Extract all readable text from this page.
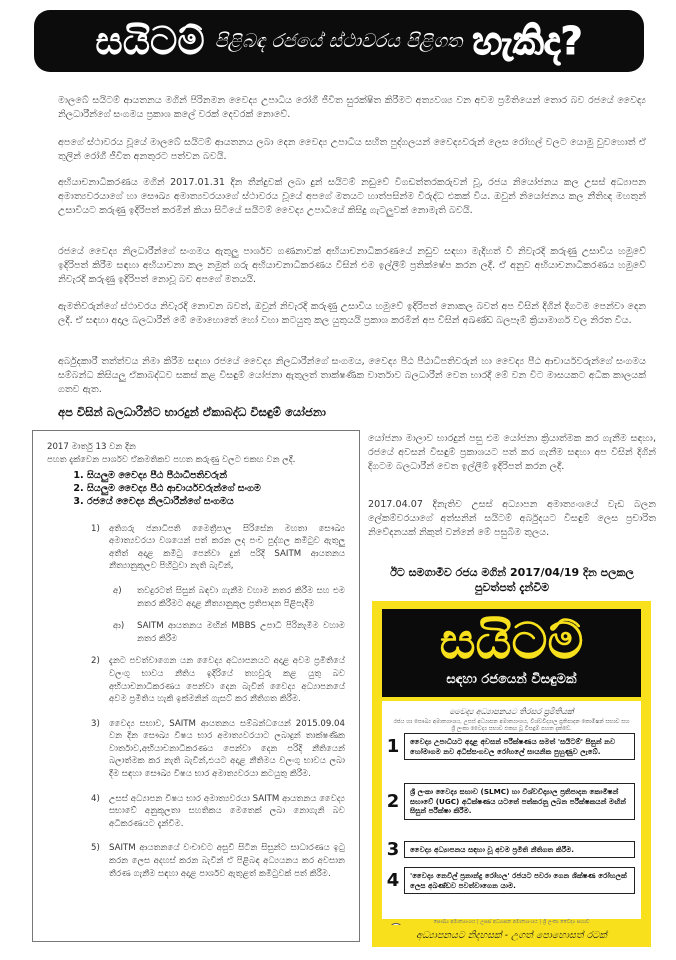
සයිටම් පිළිබඳ රජයේ ස්ථාවරය පිළිගත හැකිද?
මාලබේ සයිටම් ආයතනය මගින් පිරිනමන වෛද්‍ය උපාධිය රෝගී ජීවිත සුරක්ෂිත කිරීමට අත්‍යවශ්‍ය වන අවම ප්‍රමිතියෙන් තොර බව රජයේ වෛද්‍ය නිලධාරීන්ගේ සංගමය ප්‍රකාශ කලේ වරක් දෙවරක් නොවේ.
අපගේ ස්ථාවරය වූයේ මාලබේ සයිටම් ආයතනය ලබා දෙන වෛද්‍ය උපාධිය සහිත පුද්ගලයන් වෛද්‍යවරුන් ලෙස රෝහල් වලට යොමු වුවහොත් ඒ තුලින් රෝගී ජීවිත අනතුරට පත්වන බවයි.
අභියාචනාධිකරණය මගින් 2017.01.31 දින තීන්දුවක් ලබා දුන් සයිටම් නඩුවේ විගඩත්තරකරුවන් වූ, රජය නියෝජනය කල උසස් අධ්‍යාපන අමාත්‍යවරයාගේ හා සෞඛ්‍ය අමාත්‍යවරයාගේ ස්ථාවරය වූයේ අපගේ මතයට හාත්පසින්ම විරුද්ධ එකක් විය. ඔවුන් නියෝජනය කල නීතිඥ මහතුන් උසාවියට කරුණු ඉදිරිපත් කරමින් කියා සිටියේ සයිටම් වෛද්‍ය උපාධියේ කිසිදු ගැටලුවක් නොමැති බවයි.
රජයේ වෛද්‍ය නිලධාරීන්ගේ සංගමය ඇතුලු පාර්ශව ගණනාවක් අභියාචනාධිකරණයේ නඩුව සඳහා මැදිහත් වී නිවැරදි කරුණු උසාවිය හමුවේ ඉදිරිපත් කිරීම සඳහා අභියාචනා කල නමුත් ගරු අභියාචනාධිකරණය විසින් එම ඉල්ලීම් ප්‍රතික්ෂේප කරන ලදී. ඒ අනුව අභියාචනාධිකරණය හමුවේ නිවැරදි කරුණු ඉදිරිපත් නොවූ බව අපගේ මතයයි.
ඇමතිවරුන්ගේ ස්ථාවරය නිවැරදි නොවන බවත්, ඔවුන් නිවැරදි කරුණු උසාවිය හමුවේ ඉදිරිපත් නොකල බවත් අප විසින් දිගින් දිගටම පෙන්වා දෙන ලදී. ඒ සඳහා අදාල බලධාරීන් මේ මොහොතේ හෝ වහා කටයුතු කල යුතුයයි ප්‍රකාශ කරමින් අප විසින් අඛණ්ඩ බලපෑම් ක්‍රියාමාර්ග වල නිරත විය.
අර්බුදකාරී තත්ත්වය නිමා කිරීම සඳහා රජයේ වෛද්‍ය නිලධාරීන්ගේ සංගමය, වෛද්‍ය පීඨ පීඨාධිපතිවරුන් හා වෛද්‍ය පීඨ ආචාර්යවරුන්ගේ සංගමය සම්බන්ධ කිසියලු ඒකාබද්ධව සකස් කළ විසඳුම් යෝජනා ඇතුලත් තාක්ෂණික වාර්තාව බලධාරීන් වෙත භාරදී මේ වන විට මාසයකට අධික කාලයක් ගතව ඇත.
අප විසින් බලධාරීන්ට භාරදුන් ඒකාබද්ධ විසඳුම් යෝජනා
2017 මාර්තු 13 වන දින
පහත දැක්වෙන පාර්ශව ඒකමතිකව පහත කරුණු වලට එකඟ වන ලදී.
1. සියලුම වෛද්‍ය පීඨ පීඨාධිපතිවරුන්
2. සියලුම වෛද්‍ය පීඨ ආචාර්යවරුන්ගේ සංගම
3. රජයේ වෛද්‍ය නිලධාරීන්ගේ සංගමය
1) අතිගරු ජනාධිපති මෛත්‍රීපාල සිරිසේන මහතා සෞඛ්‍ය අමාත්‍යවරයා වශයෙන් පත් කරන ලද පංච පුද්ගල කමිටුව ඇතුලු අතීත් අදාළ කමිටු පෙන්වා දුන් පරිදි SAITM ආයතනය නීත්‍යානුකූලව පිහිටුවා නැති බැවින්,
අ) තවදුරටත් සිසුන් බඳවා ගැනීම වහාම නතර කිරීම සහ එම නතර කිරීමට අදාළ නීත්‍යානුකූල ප්‍රතිපාදන පිළිපැදීම
ආ) SAITM ආයතනය මඟින් MBBS උපාධි පිරිනැමීම වහාම නතර කිරීම
2) දැනට පවත්වාගෙන යන වෛද්‍ය අධ්‍යාපනයට අදාළ අවම ප්‍රමිතියේ වලංගු භාවය නීතිය ඉදිරියේ තහවුරු කළ යුතු බව අභියාචනාධිකරණය පෙන්වා දෙන බැවින් වෛද්‍ය අධ්‍යාපනයේ අවම ප්‍රමිතිය හැකි ඉක්මනින් ගැසට් කර නීතිගත කිරීම.
3) වෛද්‍ය සභාව, SAITM ආයතනය සම්බන්ධයෙන් 2015.09.04 වන දින සෞඛ්‍ය විෂය භාර අමාත්‍යවරයාට ලබාදුන් තාක්ෂණික වාර්තාව,අභියාචනාධිකරණය පෙන්වා දෙන පරිදි නීතියෙන් බලාත්මක කර නැති බැවින්,එයට අදාළ නීතිමය වලංගු භාවය ලබා දීම සඳහා සෞඛ්‍ය විෂය භාර අමාත්‍යවරයා කටයුතු කිරීම.
4) උසස් අධ්‍යාපන විෂය භාර අමාත්‍යවරයා SAITM ආයතනය වෛද්‍ය සභාවේ අනුකූලතා සහතිකය මෙතෙක් ලබා නොගැනි බව අධිකරණයට දැන්වීම.
5) SAITM ආයතනයේ වංචාවට අසුවී සිටින සිසුන්ට සාධාරණය ඉටු කරන ලෙස අදහස් කරන බැවින් ඒ පිළිබඳ අධ්‍යයනය කර අවසාන තීරණ ගැනීම සඳහා අදාළ පාර්ශව ඇතුළත් කමිටුවක් පත් කිරීම.
යෝජනා මාලාව භාරදුන් පසු එම යෝජනා ක්‍රියාත්මක කර ගැනීම සඳහා, රජයේ අවසන් විසඳුම් ප්‍රකාශයට පත් කර ගැනීම සඳහා අප විසින් දිගින් දිගටම බලධාරීන් වෙත ඉල්ලීම් ඉදිරිපත් කරන ලදී.
2017.04.07 දිනැතිව උසස් අධ්‍යාපන අමාත්‍යංශයේ වැඩ බලන ලේකම්වරයාගේ අත්සනින් සයිටම් අර්බුදයට විසඳුම් ලෙස ප්‍රචාරිත නිවේදනයක් නිකුත් වන්නේ මේ පසුබිම තුලය.
ඊට සමගාමීව රජය මගින් 2017/04/19 දින පලකල පුවත්පත් දැන්වීම
සයිටම්
සඳහා රජයෙන් විසඳුමක්
වෛද්‍ය අධ්‍යාපනයට තිරසර ප්‍රමිතියක්
රජය හා සෞඛ්‍ය අමාත්‍යාංශය, උසස් අධ්‍යාපන අමාත්‍යාංශය, විශ්වවිද්‍යාල ප්‍රතිපාදන කොමිෂන් සභාව සහ ශ්‍රී ලංකා වෛද්‍ය සභාව එකඟ වූ විසඳුම් පහත දැක්වේ.
1	වෛද්‍ය උපාධියට අදාළ අවසන් පරීක්ෂණය සමත් 'සයිටම්' සිසුන් නව හෝමාගම නව අධිස්සංගවල රෝහලේ සායනික පුහුණුව ලැබේ.
2	ශ්‍රී ලංකා වෛද්‍ය සභාව (SLMC) හා විශ්වවිද්‍යාල ප්‍රතිපාදන කොමිෂන් සභාවේ (UGC) අධීක්ෂණය යටතේ පත්කරනු ලබන පරීක්ෂකයන් මඟින් සිසුන් පරීක්ෂා කිරීම.
3	වෛද්‍ය අධ්‍යාපනය සඳහා වූ අවම ප්‍රමිති නීතිගත කිරීම.
4	'වෛද්‍ය නෙවිල් ප්‍රනාන්දු රෝහල' රජයට පවරා ගෙන ශික්ෂණ රෝහලක් ලෙස අඛණ්ඩව පවත්වාගෙන යාම.
සෞඛ්‍ය අමාත්‍යාංශය | උසස් අධ්‍යාපන අමාත්‍යාංශය | ශ්‍රී ලංකා වෛද්‍ය සභාව
අධ්‍යාපනයට නිදහසක් - උගත් පොහොසත් රටක්
